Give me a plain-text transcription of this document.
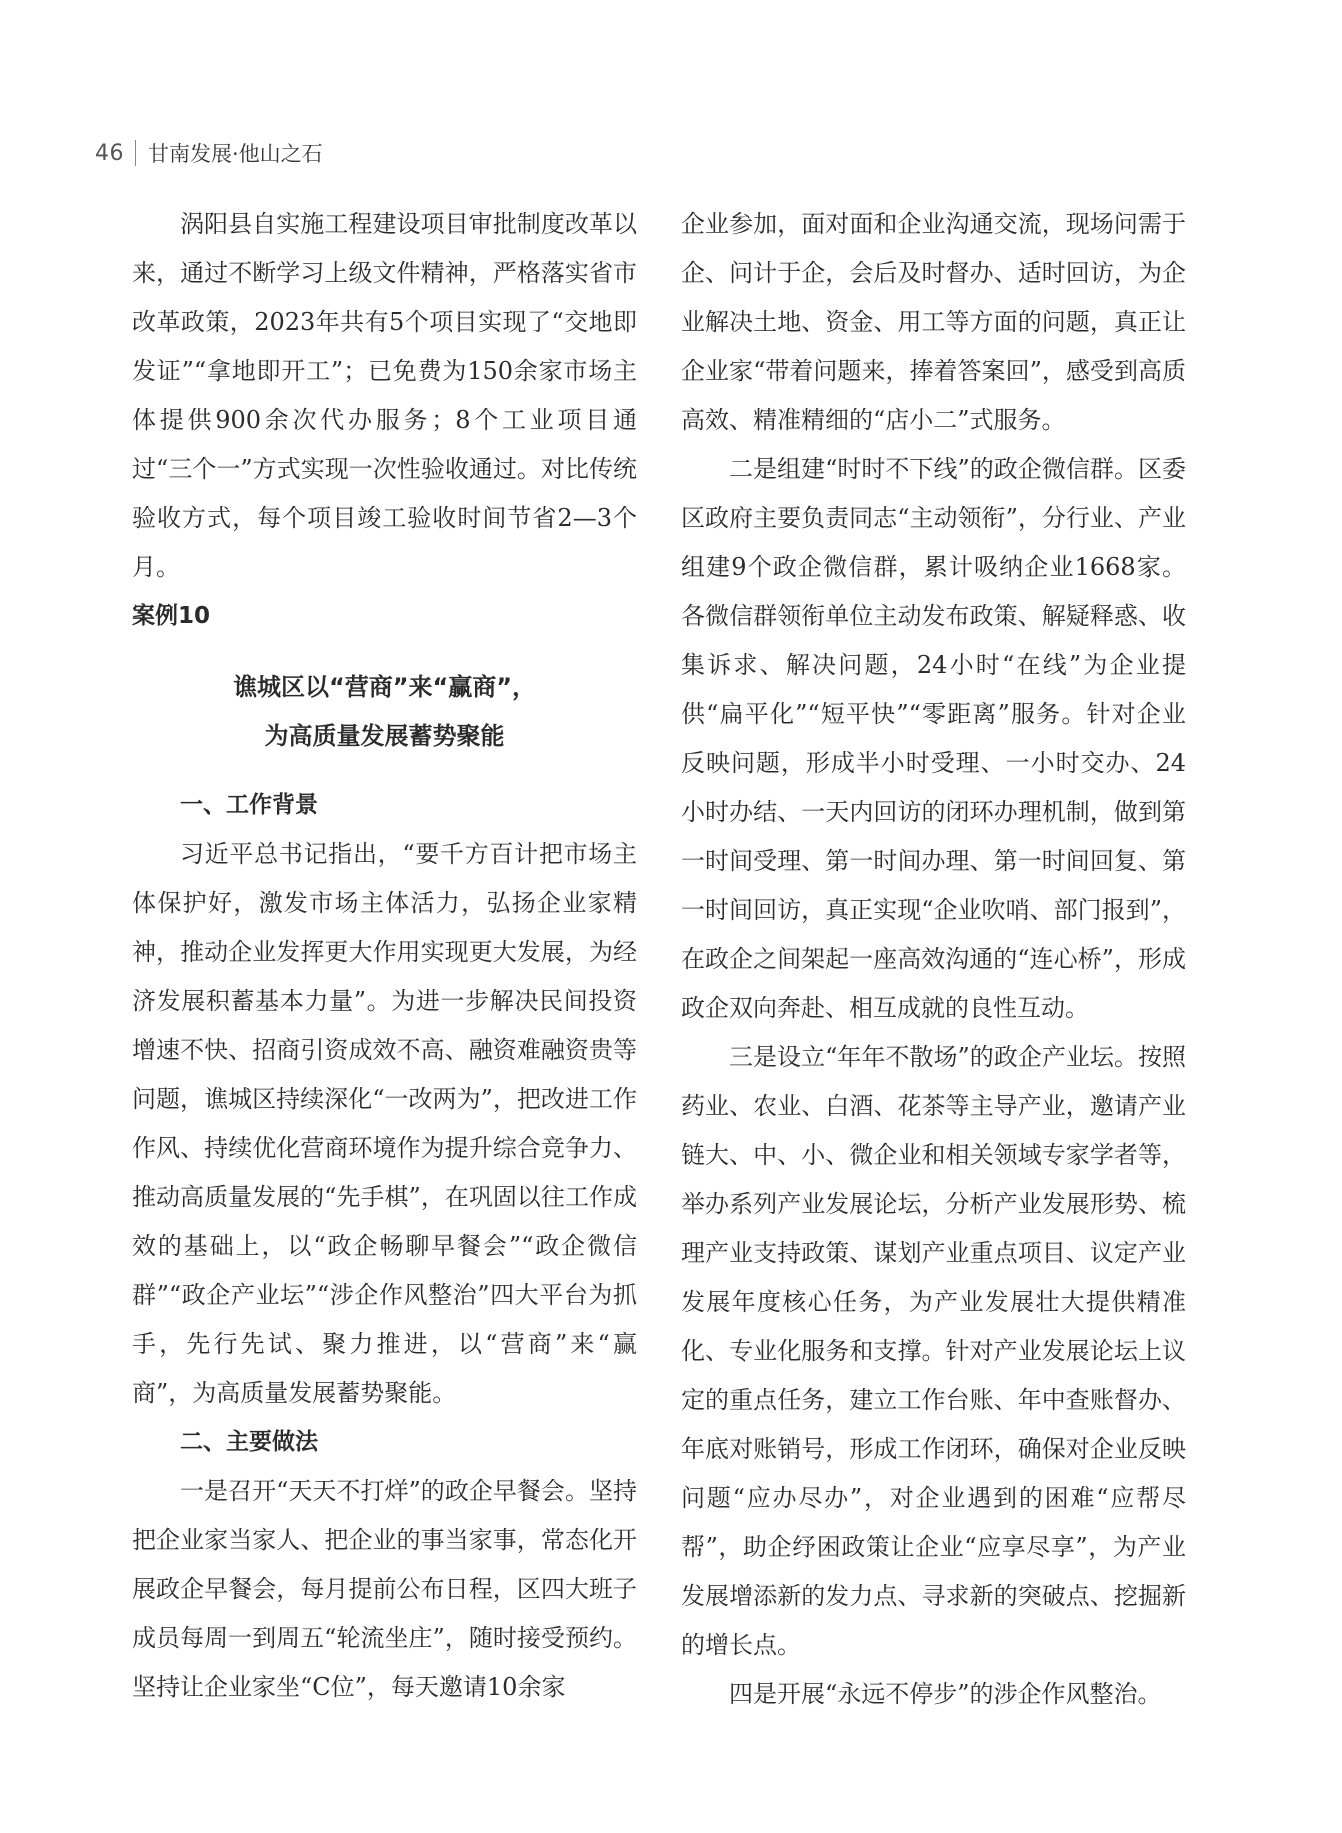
46 甘南发展·他山之石

涡阳县自实施工程建设项目审批制度改革以来，通过不断学习上级文件精神，严格落实省市改革政策，2023年共有5个项目实现了“交地即发证”“拿地即开工”；已免费为150余家市场主体提供900余次代办服务；8个工业项目通过“三个一”方式实现一次性验收通过。对比传统验收方式，每个项目竣工验收时间节省2—3个月。

案例10

谯城区以“营商”来“赢商”，
为高质量发展蓄势聚能

一、工作背景

习近平总书记指出，“要千方百计把市场主体保护好，激发市场主体活力，弘扬企业家精神，推动企业发挥更大作用实现更大发展，为经济发展积蓄基本力量”。为进一步解决民间投资增速不快、招商引资成效不高、融资难融资贵等问题，谯城区持续深化“一改两为”，把改进工作作风、持续优化营商环境作为提升综合竞争力、推动高质量发展的“先手棋”，在巩固以往工作成效的基础上，以“政企畅聊早餐会”“政企微信群”“政企产业坛”“涉企作风整治”四大平台为抓手，先行先试、聚力推进，以“营商”来“赢商”，为高质量发展蓄势聚能。

二、主要做法

一是召开“天天不打烊”的政企早餐会。坚持把企业家当家人、把企业的事当家事，常态化开展政企早餐会，每月提前公布日程，区四大班子成员每周一到周五“轮流坐庄”，随时接受预约。坚持让企业家坐“C位”，每天邀请10余家

企业参加，面对面和企业沟通交流，现场问需于企、问计于企，会后及时督办、适时回访，为企业解决土地、资金、用工等方面的问题，真正让企业家“带着问题来，捧着答案回”，感受到高质高效、精准精细的“店小二”式服务。

二是组建“时时不下线”的政企微信群。区委区政府主要负责同志“主动领衔”，分行业、产业组建9个政企微信群，累计吸纳企业1668家。各微信群领衔单位主动发布政策、解疑释惑、收集诉求、解决问题，24小时“在线”为企业提供“扁平化”“短平快”“零距离”服务。针对企业反映问题，形成半小时受理、一小时交办、24小时办结、一天内回访的闭环办理机制，做到第一时间受理、第一时间办理、第一时间回复、第一时间回访，真正实现“企业吹哨、部门报到”，在政企之间架起一座高效沟通的“连心桥”，形成政企双向奔赴、相互成就的良性互动。

三是设立“年年不散场”的政企产业坛。按照药业、农业、白酒、花茶等主导产业，邀请产业链大、中、小、微企业和相关领域专家学者等，举办系列产业发展论坛，分析产业发展形势、梳理产业支持政策、谋划产业重点项目、议定产业发展年度核心任务，为产业发展壮大提供精准化、专业化服务和支撑。针对产业发展论坛上议定的重点任务，建立工作台账、年中查账督办、年底对账销号，形成工作闭环，确保对企业反映问题“应办尽办”，对企业遇到的困难“应帮尽帮”，助企纾困政策让企业“应享尽享”，为产业发展增添新的发力点、寻求新的突破点、挖掘新的增长点。

四是开展“永远不停步”的涉企作风整治。
